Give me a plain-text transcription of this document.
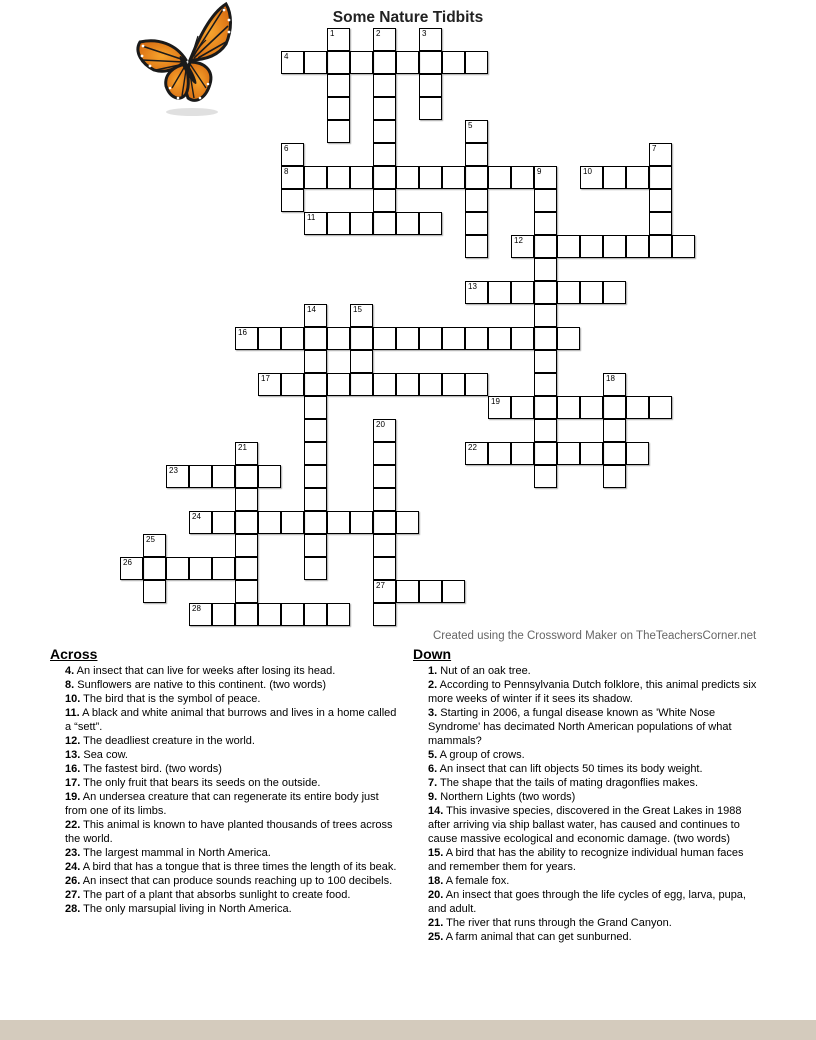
Some Nature Tidbits
1	2	3
4
5
6
8
7
9	10
11
12
13
14	15
16
17	18
19
20
27
21	22
23
24
25
26
28
Created using the Crossword Maker on TheTeachersCorner.net
Across
4. An insect that can live for weeks after losing its head.
8. Sunflowers are native to this continent. (two words)
10. The bird that is the symbol of peace.
11. A black and white animal that burrows and lives in a home called a “sett”.
12. The deadliest creature in the world.
13. Sea cow.
16. The fastest bird. (two words)
17. The only fruit that bears its seeds on the outside.
19. An undersea creature that can regenerate its entire body just from one of its limbs.
22. This animal is known to have planted thousands of trees across the world.
23. The largest mammal in North America.
24. A bird that has a tongue that is three times the length of its beak.
26. An insect that can produce sounds reaching up to 100 decibels.
27. The part of a plant that absorbs sunlight to create food.
28. The only marsupial living in North America.
Down
1. Nut of an oak tree.
2. According to Pennsylvania Dutch folklore, this animal predicts six more weeks of winter if it sees its shadow.
3. Starting in 2006, a fungal disease known as 'White Nose Syndrome' has decimated North American populations of what mammals?
5. A group of crows.
6. An insect that can lift objects 50 times its body weight.
7. The shape that the tails of mating dragonflies makes.
9. Northern Lights (two words)
14. This invasive species, discovered in the Great Lakes in 1988 after arriving via ship ballast water, has caused and continues to cause massive ecological and economic damage. (two words)
15. A bird that has the ability to recognize individual human faces and remember them for years.
18. A female fox.
20. An insect that goes through the life cycles of egg, larva, pupa, and adult.
21. The river that runs through the Grand Canyon.
25. A farm animal that can get sunburned.
